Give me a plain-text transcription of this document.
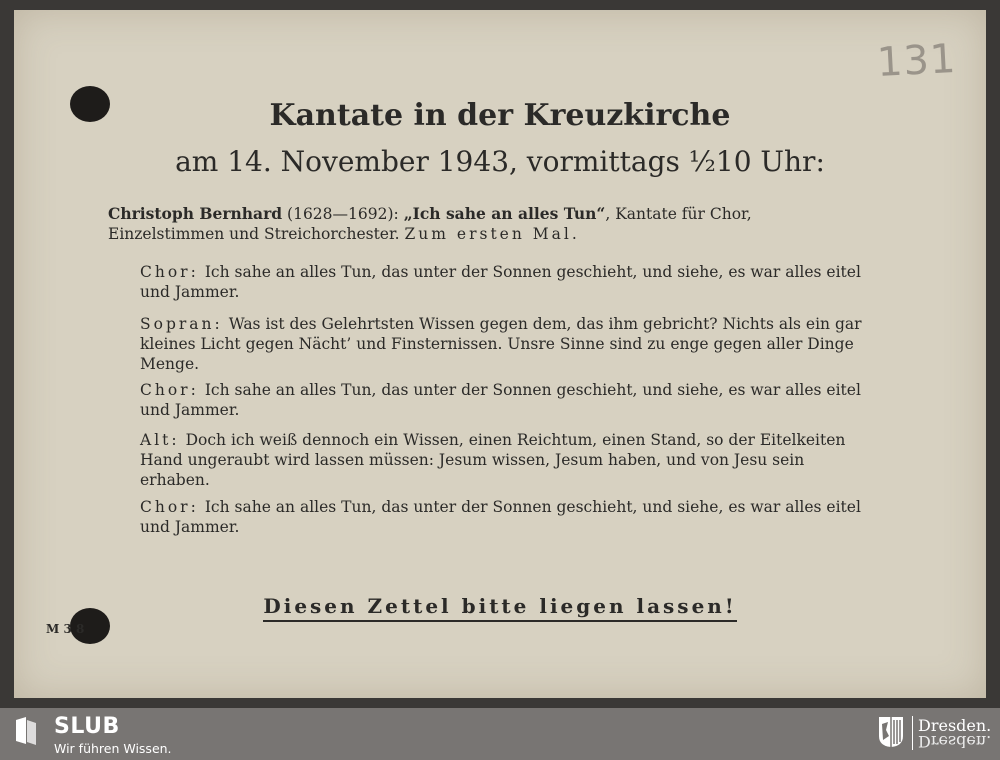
131
Kantate in der Kreuzkirche
am 14. November 1943, vormittags ½10 Uhr:
Christoph Bernhard (1628—1692): „Ich sahe an alles Tun“, Kantate für Chor,
Einzelstimmen und Streichorchester. Zum ersten Mal.
Chor: Ich sahe an alles Tun, das unter der Sonnen geschieht, und siehe, es war alles eitel und Jammer.
Sopran: Was ist des Gelehrtsten Wissen gegen dem, das ihm gebricht? Nichts als ein gar kleines Licht gegen Nächt’ und Finsternissen. Unsre Sinne sind zu enge gegen aller Dinge Menge.
Chor: Ich sahe an alles Tun, das unter der Sonnen geschieht, und siehe, es war alles eitel und Jammer.
Alt: Doch ich weiß dennoch ein Wissen, einen Reichtum, einen Stand, so der Eitelkeiten Hand ungeraubt wird lassen müssen: Jesum wissen, Jesum haben, und von Jesu sein erhaben.
Chor: Ich sahe an alles Tun, das unter der Sonnen geschieht, und siehe, es war alles eitel und Jammer.
Diesen Zettel bitte liegen lassen!
M 3 8
SLUB
Wir führen Wissen.
Dresden.
Dresden.
